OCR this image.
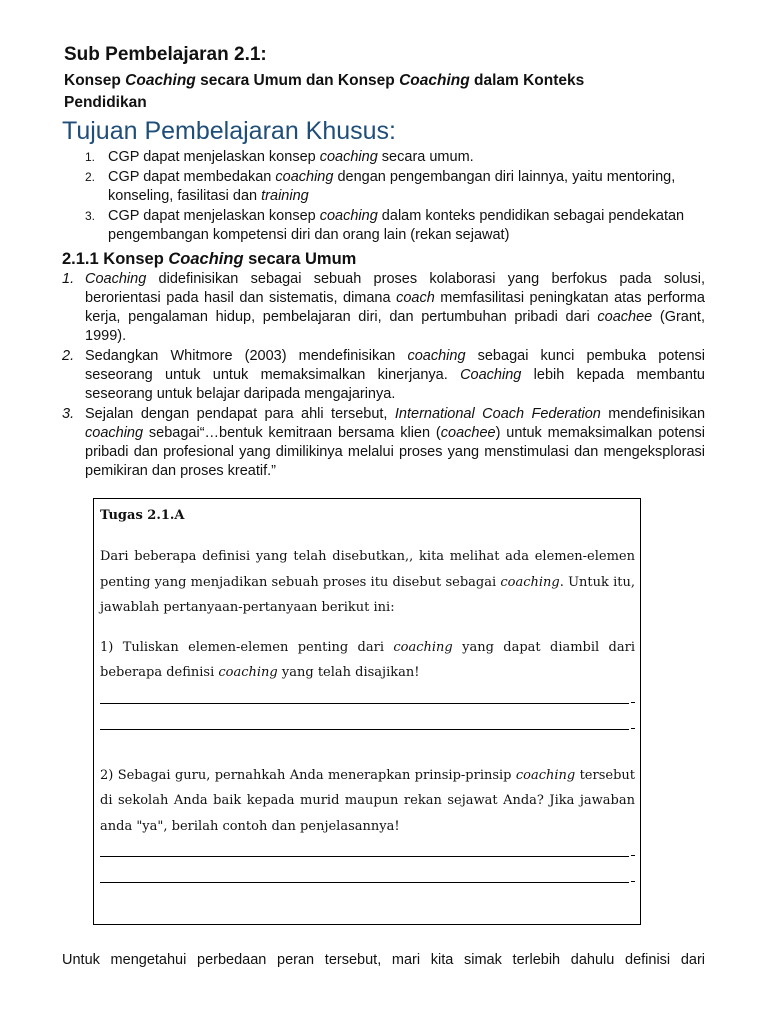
Sub Pembelajaran 2.1:
Konsep Coaching secara Umum dan Konsep Coaching dalam Konteks
Pendidikan
Tujuan Pembelajaran Khusus:
1. CGP dapat menjelaskan konsep coaching secara umum.
2. CGP dapat membedakan coaching dengan pengembangan diri lainnya, yaitu mentoring, konseling, fasilitasi dan training
3. CGP dapat menjelaskan konsep coaching dalam konteks pendidikan sebagai pendekatan pengembangan kompetensi diri dan orang lain (rekan sejawat)
2.1.1 Konsep Coaching secara Umum
1. Coaching didefinisikan sebagai sebuah proses kolaborasi yang berfokus pada solusi, berorientasi pada hasil dan sistematis, dimana coach memfasilitasi peningkatan atas performa kerja, pengalaman hidup, pembelajaran diri, dan pertumbuhan pribadi dari coachee (Grant, 1999).
2. Sedangkan Whitmore (2003) mendefinisikan coaching sebagai kunci pembuka potensi seseorang untuk untuk memaksimalkan kinerjanya. Coaching lebih kepada membantu seseorang untuk belajar daripada mengajarinya.
3. Sejalan dengan pendapat para ahli tersebut, International Coach Federation mendefinisikan coaching sebagai“…bentuk kemitraan bersama klien (coachee) untuk memaksimalkan potensi pribadi dan profesional yang dimilikinya melalui proses yang menstimulasi dan mengeksplorasi pemikiran dan proses kreatif.”
Tugas 2.1.A

Dari beberapa definisi yang telah disebutkan,, kita melihat ada elemen-elemen penting yang menjadikan sebuah proses itu disebut sebagai coaching. Untuk itu, jawablah pertanyaan-pertanyaan berikut ini:

1) Tuliskan elemen-elemen penting dari coaching yang dapat diambil dari beberapa definisi coaching yang telah disajikan!

2) Sebagai guru, pernahkah Anda menerapkan prinsip-prinsip coaching tersebut di sekolah Anda baik kepada murid maupun rekan sejawat Anda? Jika jawaban anda "ya", berilah contoh dan penjelasannya!

Untuk mengetahui perbedaan peran tersebut, mari kita simak terlebih dahulu definisi dari
